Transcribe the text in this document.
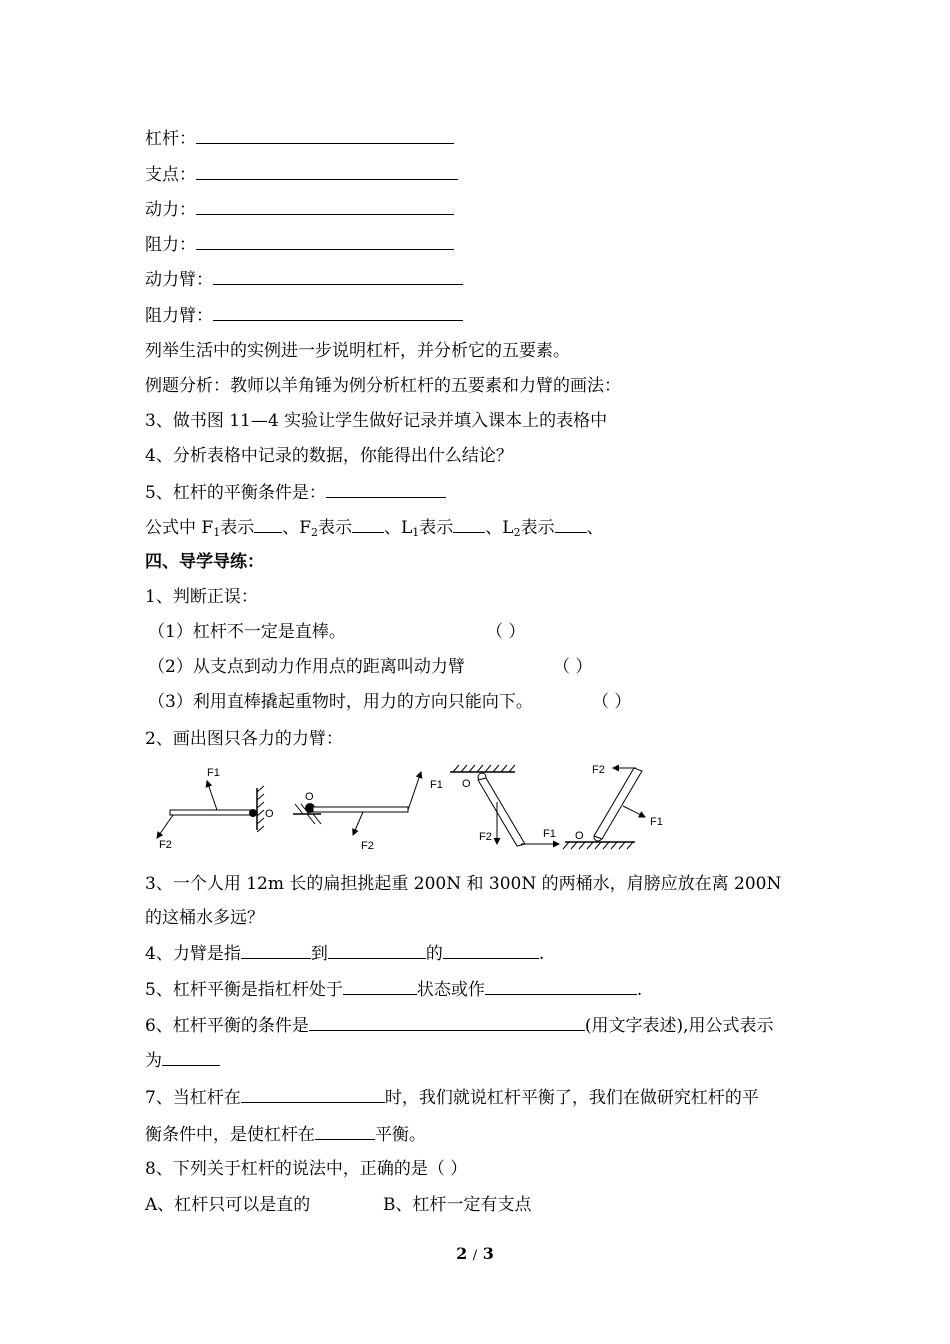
杠杆：
支点：
动力：
阻力：
动力臂：
阻力臂：
列举生活中的实例进一步说明杠杆，并分析它的五要素。
例题分析：教师以羊角锤为例分析杠杆的五要素和力臂的画法：
3、做书图 11—4 实验让学生做好记录并填入课本上的表格中
4、分析表格中记录的数据，你能得出什么结论？
5、杠杆的平衡条件是：
公式中 $F_1$表示 、$F_2$表示 、$L_1$表示 、$L_2$表示 、
四、导学导练：
1、判断正误：
（1）杠杆不一定是直棒。	（ ）
（2）从支点到动力作用点的距离叫动力臂	（ ）
（3）利用直棒撬起重物时，用力的方向只能向下。	（ ）
2、画出图只各力的力臂：
O
F1
F2
O
F1
F2
O
F2	F1 O
F2
F1
3、一个人用 12m 长的扁担挑起重 200N 和 300N 的两桶水，肩膀应放在离 200N
的这桶水多远？
4、力臂是指	到	的	.
5、杠杆平衡是指杠杆处于	状态或作	.
6、杠杆平衡的条件是	(用文字表述),用公式表示
为
7、当杠杆在	时，我们就说杠杆平衡了，我们在做研究杠杆的平
衡条件中，是使杠杆在	平衡。
8、下列关于杠杆的说法中，正确的是（ ）
A、杠杆只可以是直的	B、杠杆一定有支点
2 / 3
